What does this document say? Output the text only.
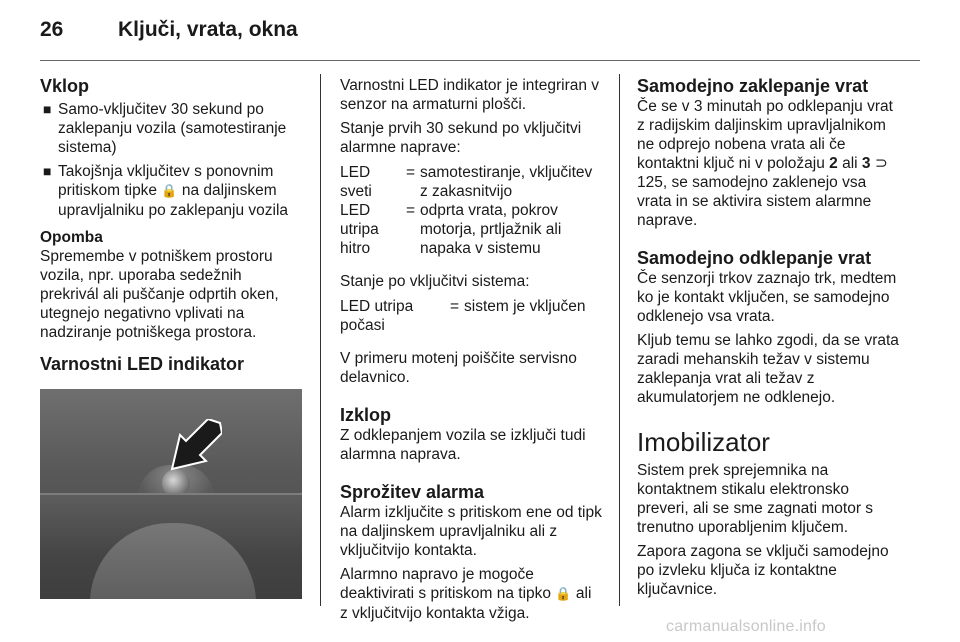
26	Ključi, vrata, okna
Vklop
■ Samo-vključitev 30 sekund po zaklepanju vozila (samotestiranje sistema)
■ Takojšnja vključitev s ponovnim pritiskom tipke 🔒 na daljinskem upravljalniku po zaklepanju vozila
Opomba
Spremembe v potniškem prostoru vozila, npr. uporaba sedežnih prekrivál ali puščanje odprtih oken, utegnejo negativno vplivati na nadziranje potniškega prostora.
Varnostni LED indikator
Varnostni LED indikator je integriran v senzor na armaturni plošči.

Stanje prvih 30 sekund po vključitvi alarmne naprave:

LED sveti
= samotestiranje, vključitev z zakasnitvijo
LED utripa hitro
= odprta vrata, pokrov motorja, prtljažnik ali napaka v sistemu

Stanje po vključitvi sistema:

LED utripa počasi
= sistem je vključen

V primeru motenj poiščite servisno delavnico.

Izklop
Z odklepanjem vozila se izključi tudi alarmna naprava.
Sprožitev alarma
Alarm izključite s pritiskom ene od tipk na daljinskem upravljalniku ali z vključitvijo kontakta.

Alarmno napravo je mogoče deaktivirati s pritiskom na tipko 🔒 ali z vključitvijo kontakta vžiga.

Samodejno zaklepanje vrat
Če se v 3 minutah po odklepanju vrat z radijskim daljinskim upravljalnikom ne odprejo nobena vrata ali če kontaktni ključ ni v položaju 2 ali 3 ⊃ 125, se samodejno zaklenejo vsa vrata in se aktivira sistem alarmne naprave.
Samodejno odklepanje vrat
Če senzorji trkov zaznajo trk, medtem ko je kontakt vključen, se samodejno odklenejo vsa vrata.

Kljub temu se lahko zgodi, da se vrata zaradi mehanskih težav v sistemu zaklepanja vrat ali težav z akumulatorjem ne odklenejo.

Imobilizator
Sistem prek sprejemnika na kontaktnem stikalu elektronsko preveri, ali se sme zagnati motor s trenutno uporabljenim ključem.

Zapora zagona se vključi samodejno po izvleku ključa iz kontaktne ključavnice.

carmanualsonline.info
